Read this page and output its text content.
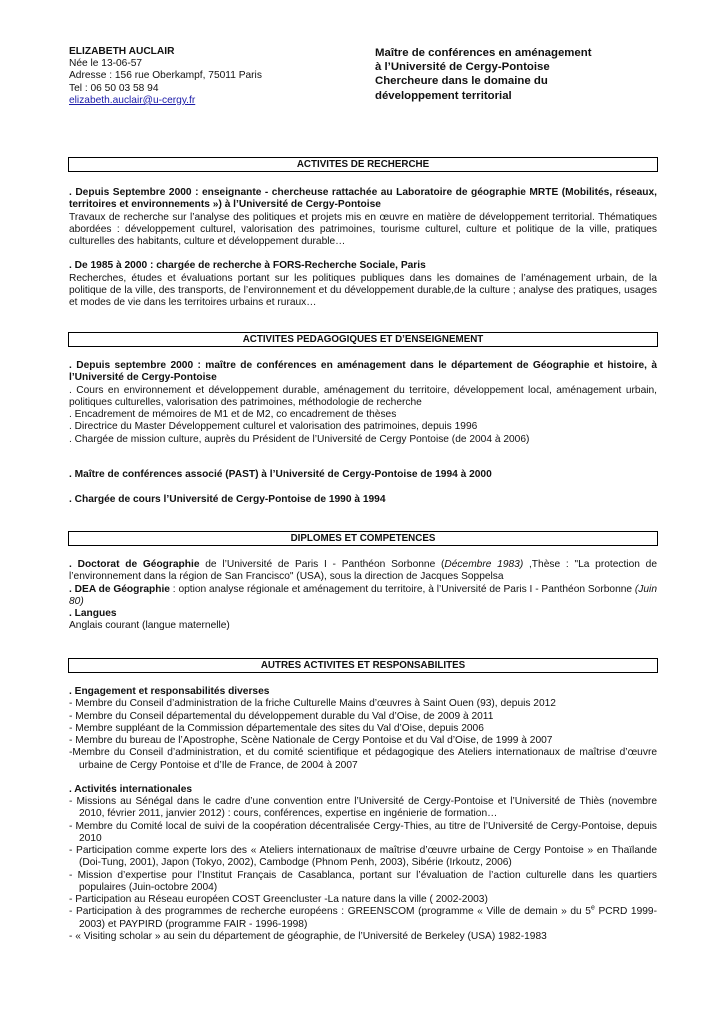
ELIZABETH AUCLAIR
Née le 13-06-57
Adresse : 156 rue Oberkampf, 75011 Paris
Tel : 06 50 03 58 94
elizabeth.auclair@u-cergy.fr
Maître de conférences en aménagement
à l’Université de Cergy-Pontoise
Chercheure dans le domaine du
développement territorial
ACTIVITES DE RECHERCHE

. Depuis Septembre 2000 : enseignante - chercheuse rattachée au Laboratoire de géographie MRTE (Mobilités, réseaux, territoires et environnements ») à l’Université de Cergy-Pontoise

Travaux de recherche sur l’analyse des politiques et projets mis en œuvre en matière de développement territorial. Thématiques abordées : développement culturel, valorisation des patrimoines, tourisme culturel, culture et politique de la ville, pratiques culturelles des habitants, culture et développement durable…

. De 1985 à 2000 : chargée de recherche à FORS-Recherche Sociale, Paris

Recherches, études et évaluations portant sur les politiques publiques dans les domaines de l’aménagement urbain, de la politique de la ville, des transports, de l’environnement et du développement durable,de la culture ; analyse des pratiques, usages et modes de vie dans les territoires urbains et ruraux…

ACTIVITES PEDAGOGIQUES ET D’ENSEIGNEMENT

. Depuis septembre 2000 : maître de conférences en aménagement dans le département de Géographie et histoire, à l’Université de Cergy-Pontoise

. Cours en environnement et développement durable, aménagement du territoire, développement local, aménagement urbain, politiques culturelles, valorisation des patrimoines, méthodologie de recherche

. Encadrement de mémoires de M1 et de M2, co encadrement de thèses

. Directrice du Master Développement culturel et valorisation des patrimoines, depuis 1996

. Chargée de mission culture, auprès du Président de l’Université de Cergy Pontoise (de 2004 à 2006)

. Maître de conférences associé (PAST) à l’Université de Cergy-Pontoise de 1994 à 2000
. Chargée de cours l’Université de Cergy-Pontoise de 1990 à 1994
DIPLOMES ET COMPETENCES

. Doctorat de Géographie de l’Université de Paris I - Panthéon Sorbonne (Décembre 1983) ,Thèse : "La protection de l’environnement dans la région de San Francisco" (USA), sous la direction de Jacques Soppelsa

. DEA de Géographie : option analyse régionale et aménagement du territoire, à l’Université de Paris I - Panthéon Sorbonne (Juin 80)

. Langues

Anglais courant (langue maternelle)

AUTRES ACTIVITES ET RESPONSABILITES

. Engagement et responsabilités diverses

- Membre du Conseil d’administration de la friche Culturelle Mains d’œuvres à Saint Ouen (93), depuis 2012

- Membre du Conseil départemental du développement durable du Val d’Oise, de 2009 à 2011

- Membre suppléant de la Commission départementale des sites du Val d’Oise, depuis 2006

- Membre du bureau de l’Apostrophe, Scène Nationale de Cergy Pontoise et du Val d’Oise, de 1999 à 2007

-Membre du Conseil d’administration, et du comité scientifique et pédagogique des Ateliers internationaux de maîtrise d’œuvre urbaine de Cergy Pontoise et d’Ile de France, de 2004 à 2007

. Activités internationales

- Missions au Sénégal dans le cadre d’une convention entre l’Université de Cergy-Pontoise et l’Université de Thiès (novembre 2010, février 2011, janvier 2012) : cours, conférences, expertise en ingénierie de formation…

- Membre du Comité local de suivi de la coopération décentralisée Cergy-Thies, au titre de l’Université de Cergy-Pontoise, depuis 2010

- Participation comme experte lors des « Ateliers internationaux de maîtrise d’œuvre urbaine de Cergy Pontoise » en Thaïlande (Doi-Tung, 2001), Japon (Tokyo, 2002), Cambodge (Phnom Penh, 2003), Sibérie (Irkoutz, 2006)

- Mission d’expertise pour l’Institut Français de Casablanca, portant sur l’évaluation de l’action culturelle dans les quartiers populaires (Juin-octobre 2004)

- Participation au Réseau européen COST Greencluster -La nature dans la ville ( 2002-2003)

- Participation à des programmes de recherche européens : GREENSCOM (programme « Ville de demain » du 5e PCRD 1999-2003) et PAYPIRD (programme FAIR - 1996-1998)

- « Visiting scholar » au sein du département de géographie, de l’Université de Berkeley (USA) 1982-1983
